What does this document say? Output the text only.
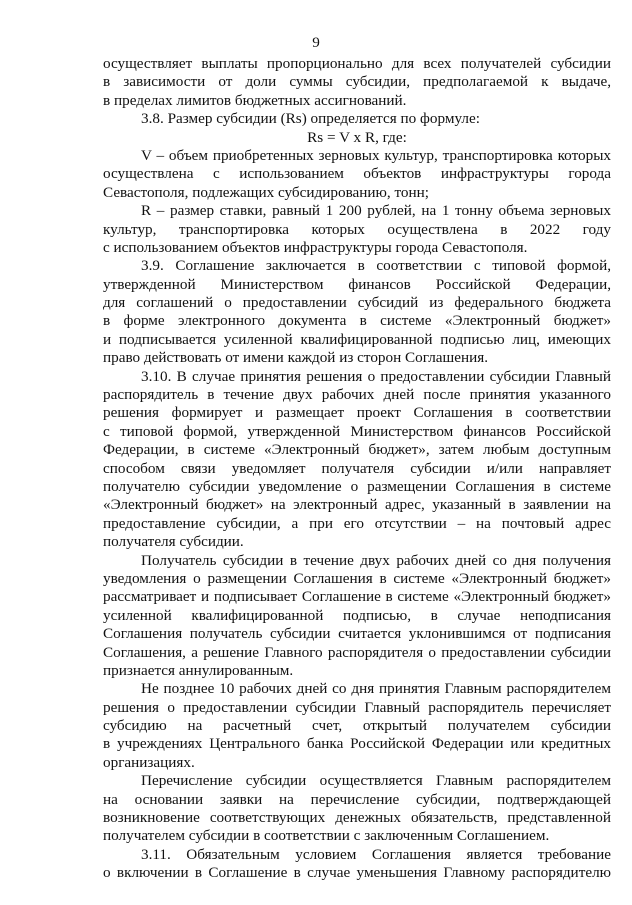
9
осуществляет выплаты пропорционально для всех получателей субсидии
в зависимости от доли суммы субсидии, предполагаемой к выдаче,
в пределах лимитов бюджетных ассигнований.
3.8. Размер субсидии (Rs) определяется по формуле:
Rs = V х R, где:
V – объем приобретенных зерновых культур, транспортировка которых
осуществлена с использованием объектов инфраструктуры города
Севастополя, подлежащих субсидированию, тонн;
R – размер ставки, равный 1 200 рублей, на 1 тонну объема зерновых
культур, транспортировка которых осуществлена в 2022 году
с использованием объектов инфраструктуры города Севастополя.
3.9. Соглашение заключается в соответствии с типовой формой,
утвержденной Министерством финансов Российской Федерации,
для соглашений о предоставлении субсидий из федерального бюджета
в форме электронного документа в системе «Электронный бюджет»
и подписывается усиленной квалифицированной подписью лиц, имеющих
право действовать от имени каждой из сторон Соглашения.
3.10. В случае принятия решения о предоставлении субсидии Главный
распорядитель в течение двух рабочих дней после принятия указанного
решения формирует и размещает проект Соглашения в соответствии
с типовой формой, утвержденной Министерством финансов Российской
Федерации, в системе «Электронный бюджет», затем любым доступным
способом связи уведомляет получателя субсидии и/или направляет
получателю субсидии уведомление о размещении Соглашения в системе
«Электронный бюджет» на электронный адрес, указанный в заявлении на
предоставление субсидии, а при его отсутствии – на почтовый адрес
получателя субсидии.
Получатель субсидии в течение двух рабочих дней со дня получения
уведомления о размещении Соглашения в системе «Электронный бюджет»
рассматривает и подписывает Соглашение в системе «Электронный бюджет»
усиленной квалифицированной подписью, в случае неподписания
Соглашения получатель субсидии считается уклонившимся от подписания
Соглашения, а решение Главного распорядителя о предоставлении субсидии
признается аннулированным.
Не позднее 10 рабочих дней со дня принятия Главным распорядителем
решения о предоставлении субсидии Главный распорядитель перечисляет
субсидию на расчетный счет, открытый получателем субсидии
в учреждениях Центрального банка Российской Федерации или кредитных
организациях.
Перечисление субсидии осуществляется Главным распорядителем
на основании заявки на перечисление субсидии, подтверждающей
возникновение соответствующих денежных обязательств, представленной
получателем субсидии в соответствии с заключенным Соглашением.
3.11. Обязательным условием Соглашения является требование
о включении в Соглашение в случае уменьшения Главному распорядителю
